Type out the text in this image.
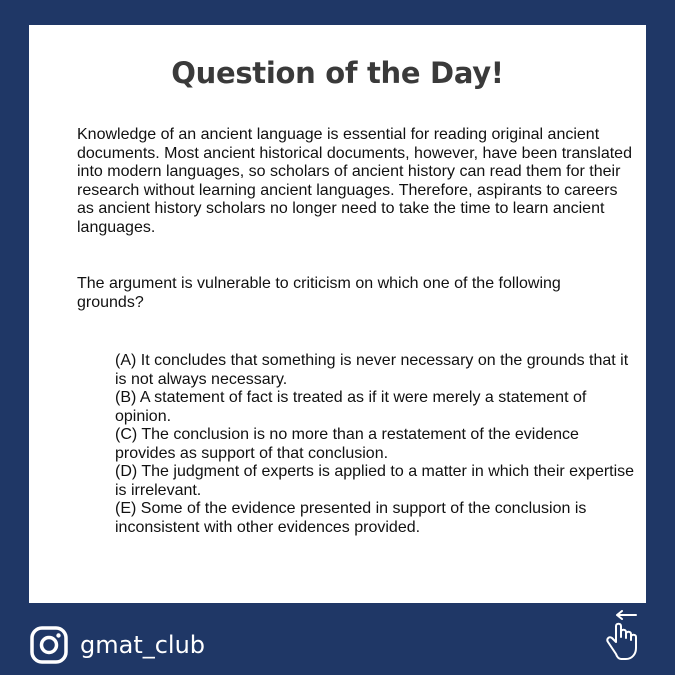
Question of the Day!

Knowledge of an ancient language is essential for reading original ancient documents. Most ancient historical documents, however, have been translated into modern languages, so scholars of ancient history can read them for their research without learning ancient languages. Therefore, aspirants to careers as ancient history scholars no longer need to take the time to learn ancient languages.

The argument is vulnerable to criticism on which one of the following grounds?

(A) It concludes that something is never necessary on the grounds that it is not always necessary.
(B) A statement of fact is treated as if it were merely a statement of opinion.
(C) The conclusion is no more than a restatement of the evidence provides as support of that conclusion.
(D) The judgment of experts is applied to a matter in which their expertise is irrelevant.
(E) Some of the evidence presented in support of the conclusion is inconsistent with other evidences provided.
gmat_club
